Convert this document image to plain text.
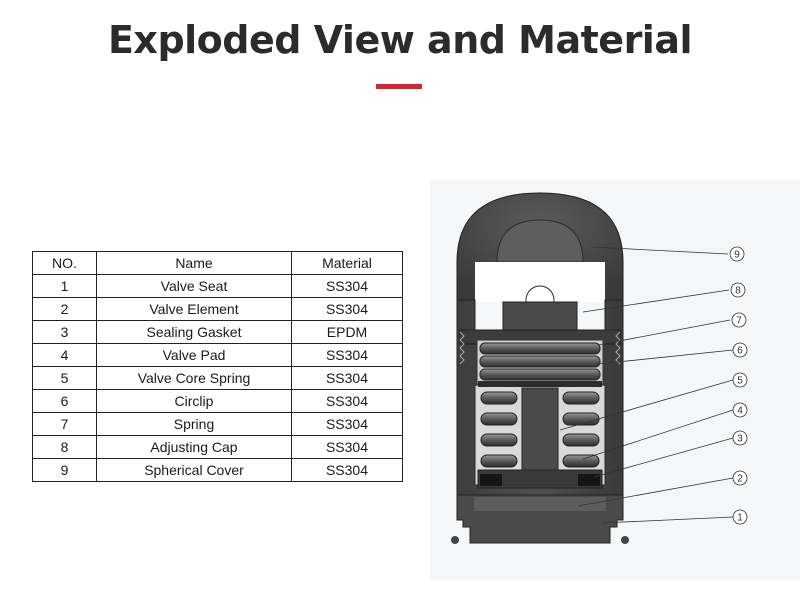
Exploded View and Material
NO.	Name	Material
1	Valve Seat	SS304
2	Valve Element	SS304
3	Sealing Gasket	EPDM
4	Valve Pad	SS304
5	Valve Core Spring	SS304
6	Circlip	SS304
7	Spring	SS304
8	Adjusting Cap	SS304
9	Spherical Cover	SS304
9
8
7
6
5
4
3
2
1
